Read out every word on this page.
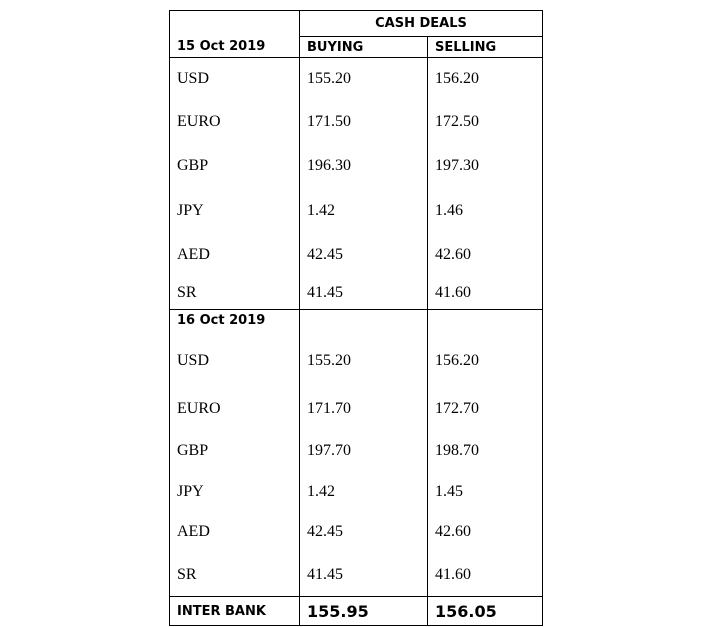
	CASH DEALS	
15 Oct 2019	BUYING	SELLING
USD	155.20	156.20
EURO	171.50	172.50
GBP	196.30	197.30
JPY	1.42	1.46
AED	42.45	42.60
SR	41.45	41.60
16 Oct 2019		
USD	155.20	156.20
EURO	171.70	172.70
GBP	197.70	198.70
JPY	1.42	1.45
AED	42.45	42.60
SR	41.45	41.60
INTER BANK	155.95	156.05
